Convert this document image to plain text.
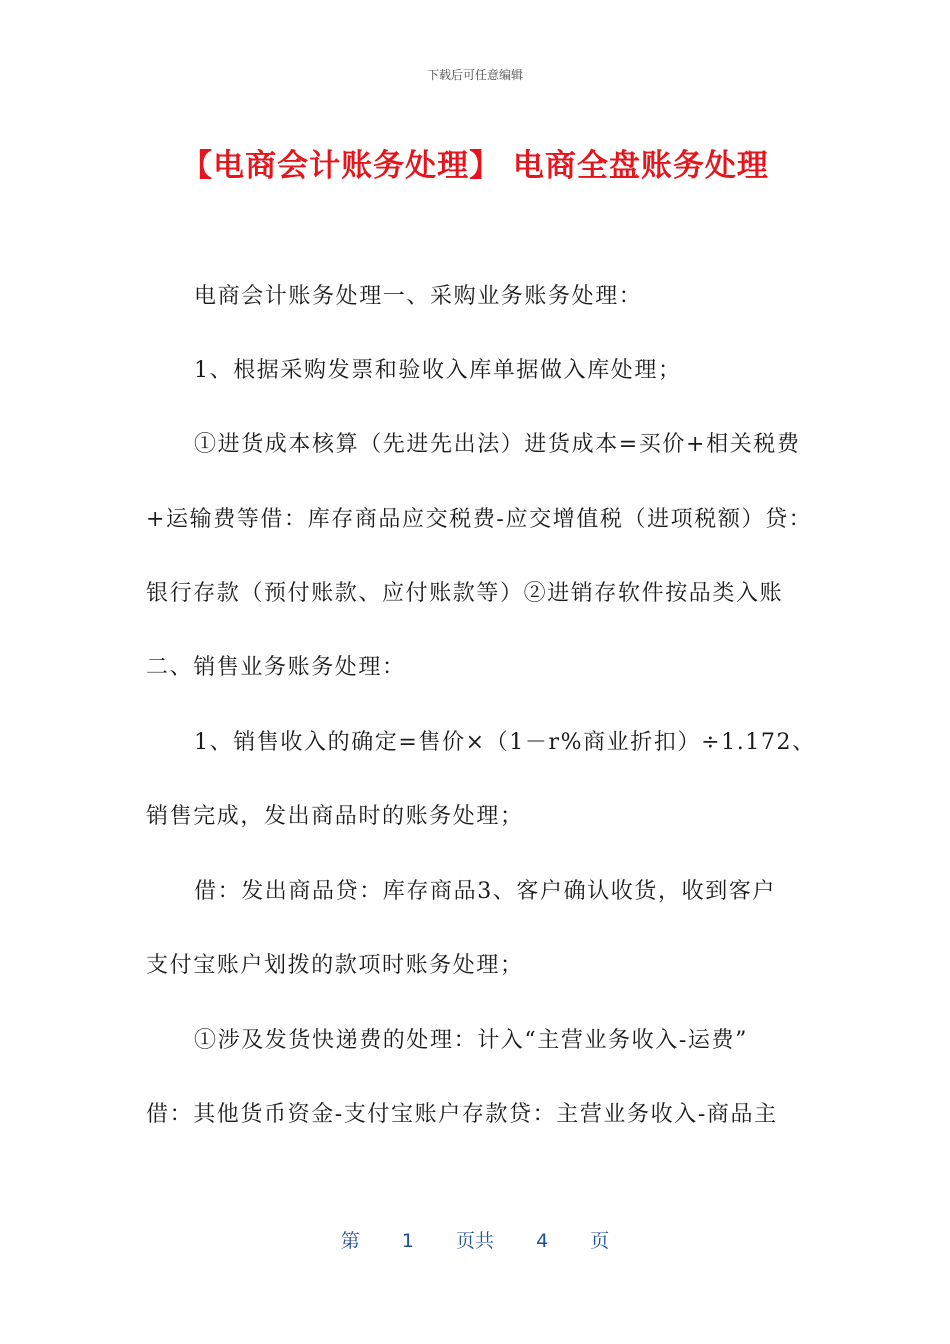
下载后可任意编辑
【电商会计账务处理】 电商全盘账务处理
电商会计账务处理一、采购业务账务处理：
1、根据采购发票和验收入库单据做入库处理；
①进货成本核算（先进先出法）进货成本=买价+相关税费
+运输费等借：库存商品应交税费-应交增值税（进项税额）贷：
银行存款（预付账款、应付账款等）②进销存软件按品类入账
二、销售业务账务处理：
1、销售收入的确定=售价×（1－r%商业折扣）÷1.172、
销售完成，发出商品时的账务处理；
借：发出商品贷：库存商品3、客户确认收货，收到客户
支付宝账户划拨的款项时账务处理；
①涉及发货快递费的处理：计入“主营业务收入-运费”
借：其他货币资金-支付宝账户存款贷：主营业务收入-商品主
第 1 页共 4 页
